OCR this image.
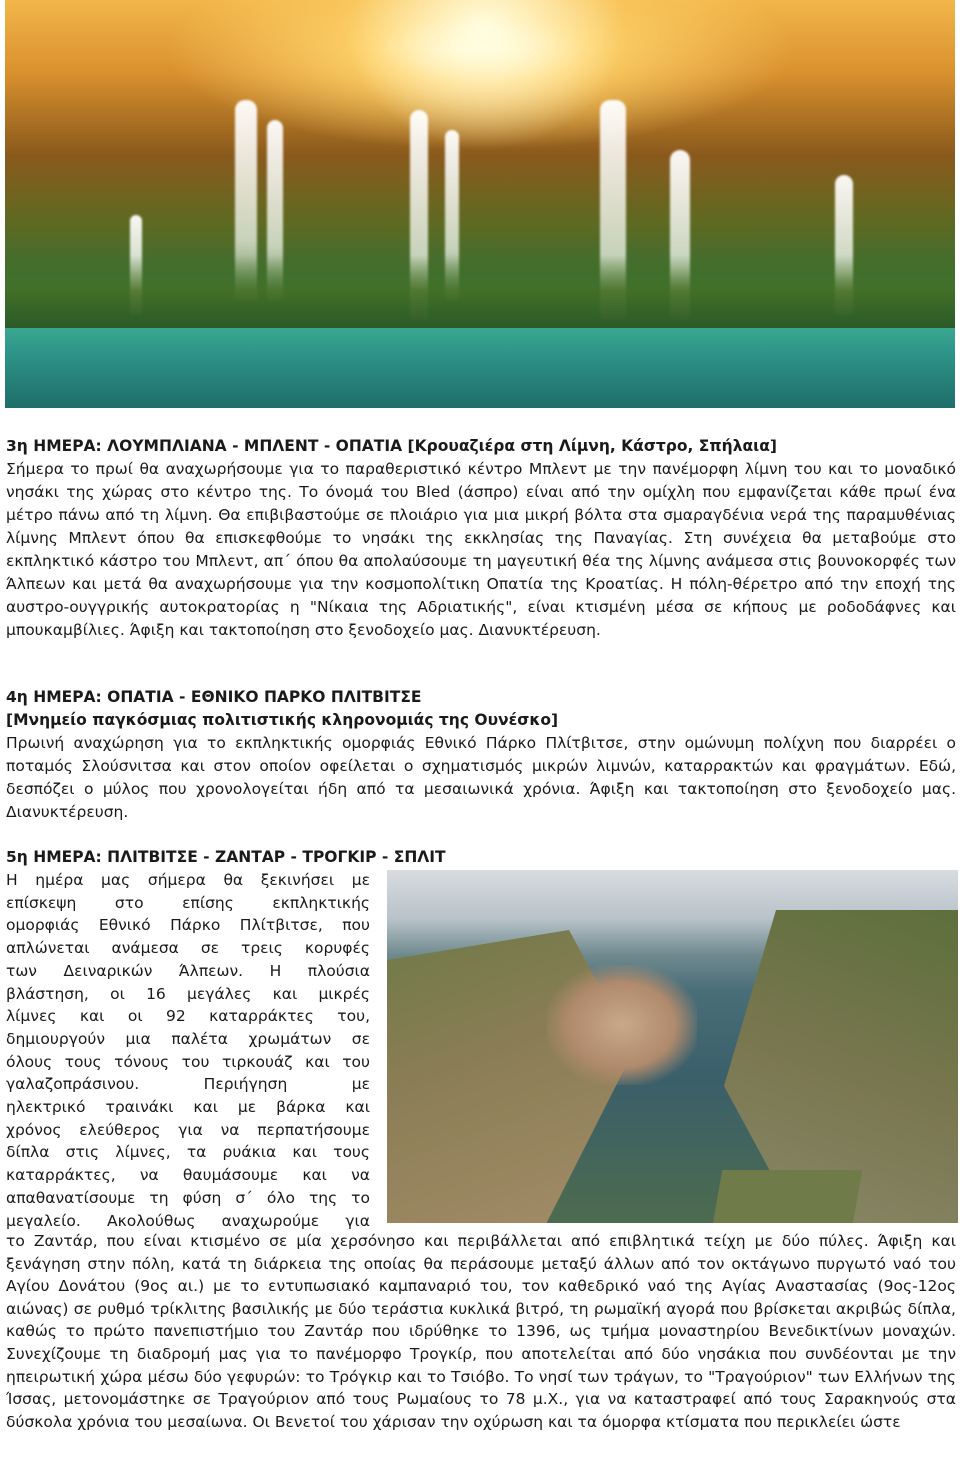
3η ΗΜΕΡΑ: ΛΟΥΜΠΛΙΑΝΑ - ΜΠΛΕΝΤ - ΟΠΑΤΙΑ [Κρουαζιέρα στη Λίμνη, Κάστρο, Σπήλαια]

Σήμερα το πρωί θα αναχωρήσουμε για το παραθεριστικό κέντρο Μπλεντ με την πανέμορφη λίμνη του και το μοναδικό νησάκι της χώρας στο κέντρο της. Το όνομά του Bled (άσπρο) είναι από την ομίχλη που εμφανίζεται κάθε πρωί ένα μέτρο πάνω από τη λίμνη. Θα επιβιβαστούμε σε πλοιάριο για μια μικρή βόλτα στα σμαραγδένια νερά της παραμυθένιας λίμνης Μπλεντ όπου θα επισκεφθούμε το νησάκι της εκκλησίας της Παναγίας. Στη συνέχεια θα μεταβούμε στο εκπληκτικό κάστρο του Μπλεντ, απ΄ όπου θα απολαύσουμε τη μαγευτική θέα της λίμνης ανάμεσα στις βουνοκορφές των Άλπεων και μετά θα αναχωρήσουμε για την κοσμοπολίτικη Οπατία της Κροατίας. Η πόλη-θέρετρο από την εποχή της αυστρο-ουγγρικής αυτοκρατορίας η "Νίκαια της Αδριατικής", είναι κτισμένη μέσα σε κήπους με ροδοδάφνες και μπουκαμβίλιες. Άφιξη και τακτοποίηση στο ξενοδοχείο μας. Διανυκτέρευση.

4η ΗΜΕΡΑ: ΟΠΑΤΙΑ - ΕΘΝΙΚΟ ΠΑΡΚΟ ΠΛΙΤΒΙΤΣΕ
[Μνημείο παγκόσμιας πολιτιστικής κληρονομιάς της Ουνέσκο]

Πρωινή αναχώρηση για το εκπληκτικής ομορφιάς Εθνικό Πάρκο Πλίτβιτσε, στην ομώνυμη πολίχνη που διαρρέει ο ποταμός Σλούσνιτσα και στον οποίον οφείλεται ο σχηματισμός μικρών λιμνών, καταρρακτών και φραγμάτων. Εδώ, δεσπόζει ο μύλος που χρονολογείται ήδη από τα μεσαιωνικά χρόνια. Άφιξη και τακτοποίηση στο ξενοδοχείο μας. Διανυκτέρευση.

5η ΗΜΕΡΑ: ΠΛΙΤΒΙΤΣΕ - ΖΑΝΤΑΡ - ΤΡΟΓΚΙΡ - ΣΠΛΙΤ
Η ημέρα μας σήμερα θα ξεκινήσει με
επίσκεψη στο επίσης εκπληκτικής
ομορφιάς Εθνικό Πάρκο Πλίτβιτσε, που
απλώνεται ανάμεσα σε τρεις κορυφές
των Δειναρικών Άλπεων. Η πλούσια
βλάστηση, οι 16 μεγάλες και μικρές
λίμνες και οι 92 καταρράκτες του,
δημιουργούν μια παλέτα χρωμάτων σε
όλους τους τόνους του τιρκουάζ και του
γαλαζοπράσινου. Περιήγηση με
ηλεκτρικό τραινάκι και με βάρκα και
χρόνος ελεύθερος για να περπατήσουμε
δίπλα στις λίμνες, τα ρυάκια και τους
καταρράκτες, να θαυμάσουμε και να
απαθανατίσουμε τη φύση σ΄ όλο της το
μεγαλείο. Ακολούθως αναχωρούμε για

το Ζαντάρ, που είναι κτισμένο σε μία χερσόνησο και περιβάλλεται από επιβλητικά τείχη με δύο πύλες. Άφιξη και ξενάγηση στην πόλη, κατά τη διάρκεια της οποίας θα περάσουμε μεταξύ άλλων από τον οκτάγωνο πυργωτό ναό του Αγίου Δονάτου (9ος αι.) με το εντυπωσιακό καμπαναριό του, τον καθεδρικό ναό της Αγίας Αναστασίας (9ος-12ος αιώνας) σε ρυθμό τρίκλιτης βασιλικής με δύο τεράστια κυκλικά βιτρό, τη ρωμαϊκή αγορά που βρίσκεται ακριβώς δίπλα, καθώς το πρώτο πανεπιστήμιο του Ζαντάρ που ιδρύθηκε το 1396, ως τμήμα μοναστηρίου Βενεδικτίνων μοναχών. Συνεχίζουμε τη διαδρομή μας για το πανέμορφο Τρογκίρ, που αποτελείται από δύο νησάκια που συνδέονται με την ηπειρωτική χώρα μέσω δύο γεφυρών: το Τρόγκιρ και το Τσιόβο. Το νησί των τράγων, το "Τραγούριον" των Ελλήνων της Ίσσας, μετονομάστηκε σε Τραγούριον από τους Ρωμαίους το 78 μ.Χ., για να καταστραφεί από τους Σαρακηνούς στα δύσκολα χρόνια του μεσαίωνα. Οι Βενετοί του χάρισαν την οχύρωση και τα όμορφα κτίσματα που περικλείει ώστε
